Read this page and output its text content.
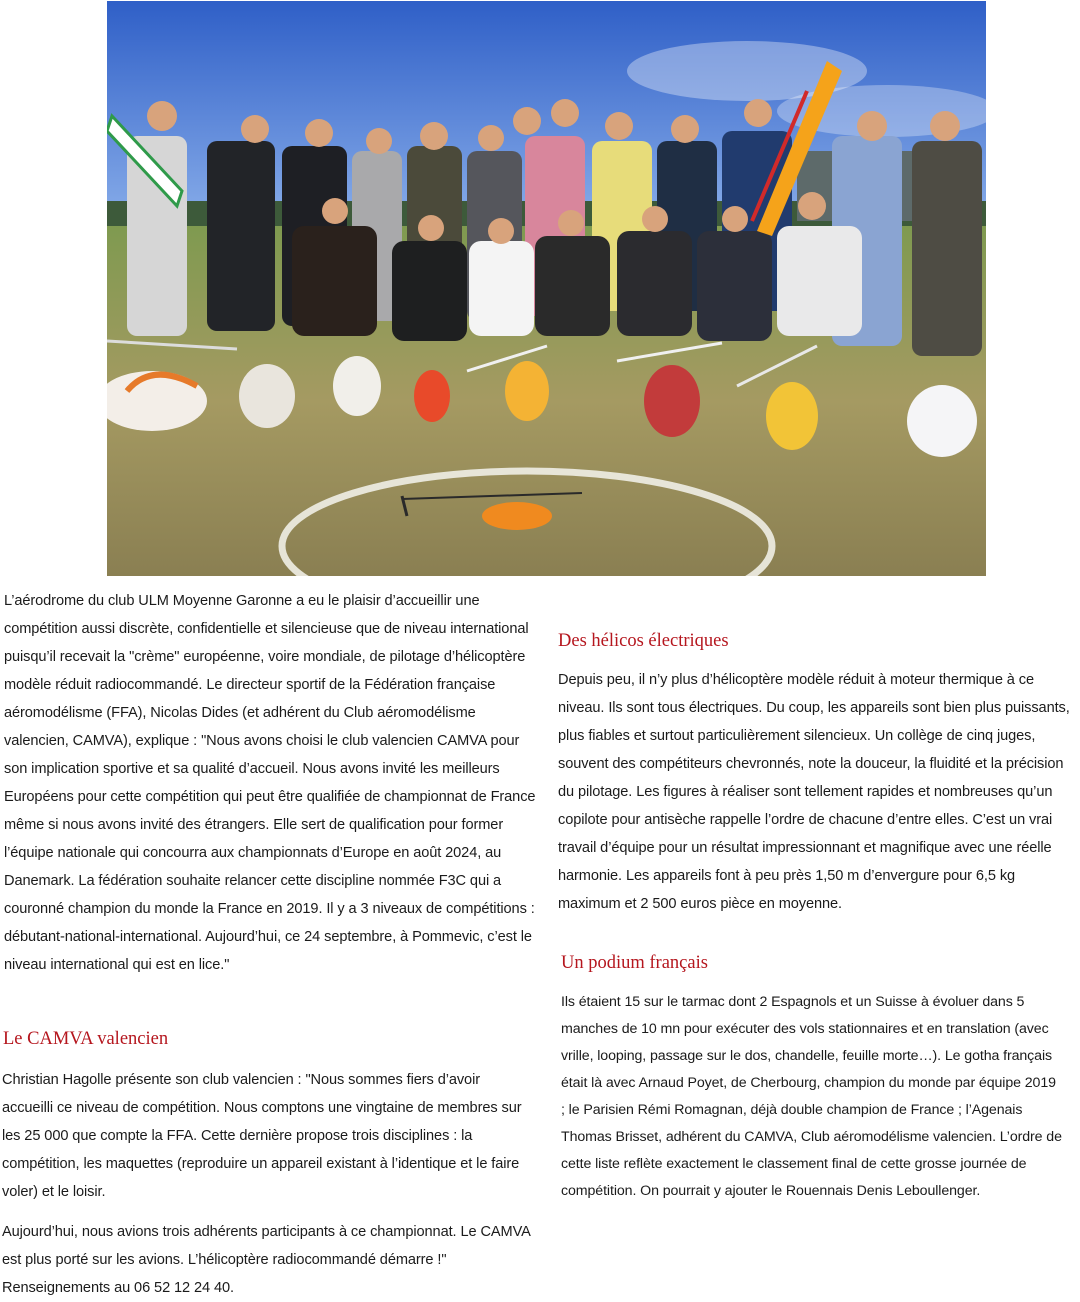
L’aérodrome du club ULM Moyenne Garonne a eu le plaisir d’accueillir une compétition aussi discrète, confidentielle et silencieuse que de niveau international puisqu’il recevait la "crème" européenne, voire mondiale, de pilotage d’hélicoptère modèle réduit radiocommandé. Le directeur sportif de la Fédération française aéromodélisme (FFA), Nicolas Dides (et adhérent du Club aéromodélisme valencien, CAMVA), explique : "Nous avons choisi le club valencien CAMVA pour son implication sportive et sa qualité d’accueil. Nous avons invité les meilleurs Européens pour cette compétition qui peut être qualifiée de championnat de France même si nous avons invité des étrangers. Elle sert de qualification pour former l’équipe nationale qui concourra aux championnats d’Europe en août 2024, au Danemark. La fédération souhaite relancer cette discipline nommée F3C qui a couronné champion du monde la France en 2019. Il y a 3 niveaux de compétitions : débutant-national-international. Aujourd’hui, ce 24 septembre, à Pommevic, c’est le niveau international qui est en lice."

Le CAMVA valencien

Christian Hagolle présente son club valencien : "Nous sommes fiers d’avoir accueilli ce niveau de compétition. Nous comptons une vingtaine de membres sur les 25 000 que compte la FFA. Cette dernière propose trois disciplines : la compétition, les maquettes (reproduire un appareil existant à l’identique et le faire voler) et le loisir.

Aujourd’hui, nous avions trois adhérents participants à ce championnat. Le CAMVA est plus porté sur les avions. L’hélicoptère radiocommandé démarre !" Renseignements au 06 52 12 24 40.

Des hélicos électriques

Depuis peu, il n’y plus d’hélicoptère modèle réduit à moteur thermique à ce niveau. Ils sont tous électriques. Du coup, les appareils sont bien plus puissants, plus fiables et surtout particulièrement silencieux. Un collège de cinq juges, souvent des compétiteurs chevronnés, note la douceur, la fluidité et la précision du pilotage. Les figures à réaliser sont tellement rapides et nombreuses qu’un copilote pour antisèche rappelle l’ordre de chacune d’entre elles. C’est un vrai travail d’équipe pour un résultat impressionnant et magnifique avec une réelle harmonie. Les appareils font à peu près 1,50 m d’envergure pour 6,5 kg maximum et 2 500 euros pièce en moyenne.

Un podium français

Ils étaient 15 sur le tarmac dont 2 Espagnols et un Suisse à évoluer dans 5 manches de 10 mn pour exécuter des vols stationnaires et en translation (avec vrille, looping, passage sur le dos, chandelle, feuille morte…). Le gotha français était là avec Arnaud Poyet, de Cherbourg, champion du monde par équipe 2019 ; le Parisien Rémi Romagnan, déjà double champion de France ; l’Agenais Thomas Brisset, adhérent du CAMVA, Club aéromodélisme valencien. L’ordre de cette liste reflète exactement le classement final de cette grosse journée de compétition. On pourrait y ajouter le Rouennais Denis Leboullenger.
